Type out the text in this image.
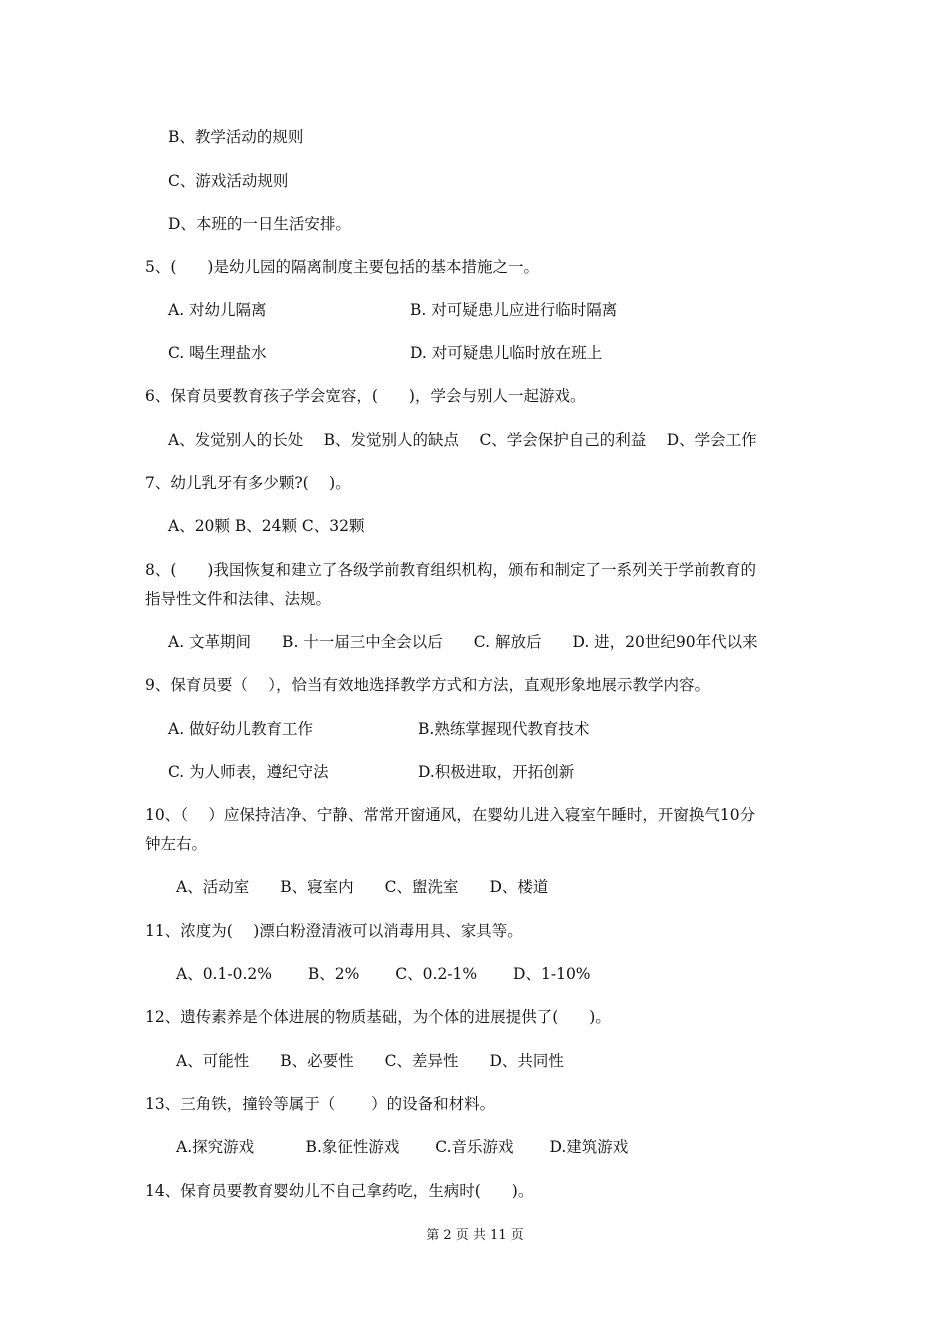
B、教学活动的规则
C、游戏活动规则
D、本班的一日生活安排。
5、(　　)是幼儿园的隔离制度主要包括的基本措施之一。
A. 对幼儿隔离	B. 对可疑患儿应进行临时隔离
C. 喝生理盐水	D. 对可疑患儿临时放在班上
6、保育员要教育孩子学会宽容，(　　)，学会与别人一起游戏。
A、发觉别人的长处　 B、发觉别人的缺点　 C、学会保护自己的利益　 D、学会工作
7、幼儿乳牙有多少颗?(　 )。
A、20颗 B、24颗 C、32颗
8、(　　)我国恢复和建立了各级学前教育组织机构，颁布和制定了一系列关于学前教育的
指导性文件和法律、法规。
A. 文革期间　　B. 十一届三中全会以后　　C. 解放后　　D. 进，20世纪90年代以来
9、保育员要（　 ），恰当有效地选择教学方式和方法，直观形象地展示教学内容。
A. 做好幼儿教育工作	B.熟练掌握现代教育技术
C. 为人师表，遵纪守法	D.积极进取，开拓创新
10、（　 ）应保持洁净、宁静、常常开窗通风，在婴幼儿进入寝室午睡时，开窗换气10分
钟左右。
A、活动室　　B、寝室内　　C、盥洗室　　D、楼道
11、浓度为(　 )漂白粉澄清液可以消毒用具、家具等。
A、0.1-0.2%　　 B、2%　　 C、0.2-1%　　 D、1-10%
12、遗传素养是个体进展的物质基础，为个体的进展提供了(　　)。
A、可能性　　B、必要性　　C、差异性　　D、共同性
13、三角铁，撞铃等属于（　　 ）的设备和材料。
A.探究游戏　　　 B.象征性游戏　　 C.音乐游戏　　 D.建筑游戏
14、保育员要教育婴幼儿不自己拿药吃，生病时(　　)。
第 2 页 共 11 页
